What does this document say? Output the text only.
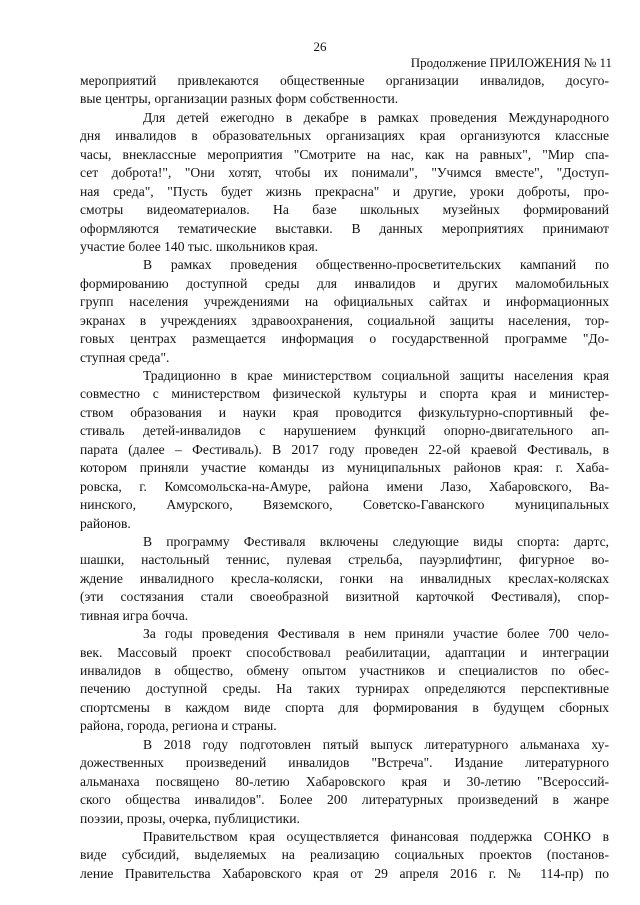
26
Продолжение ПРИЛОЖЕНИЯ № 11

мероприятий привлекаются общественные организации инвалидов, досуго-
вые центры, организации разных форм собственности.

Для детей ежегодно в декабре в рамках проведения Международного
дня инвалидов в образовательных организациях края организуются классные
часы, внеклассные мероприятия "Смотрите на нас, как на равных", "Мир спа-
сет доброта!", "Они хотят, чтобы их понимали", "Учимся вместе", "Доступ-
ная среда", "Пусть будет жизнь прекрасна" и другие, уроки доброты, про-
смотры видеоматериалов. На базе школьных музейных формирований
оформляются тематические выставки. В данных мероприятиях принимают
участие более 140 тыс. школьников края.

В рамках проведения общественно-просветительских кампаний по
формированию доступной среды для инвалидов и других маломобильных
групп населения учреждениями на официальных сайтах и информационных
экранах в учреждениях здравоохранения, социальной защиты населения, тор-
говых центрах размещается информация о государственной программе "До-
ступная среда".

Традиционно в крае министерством социальной защиты населения края
совместно с министерством физической культуры и спорта края и министер-
ством образования и науки края проводится физкультурно-спортивный фе-
стиваль детей-инвалидов с нарушением функций опорно-двигательного ап-
парата (далее – Фестиваль). В 2017 году проведен 22-ой краевой Фестиваль, в
котором приняли участие команды из муниципальных районов края: г. Хаба-
ровска, г. Комсомольска-на-Амуре, района имени Лазо, Хабаровского, Ва-
нинского, Амурского, Вяземского, Советско-Гаванского муниципальных
районов.

В программу Фестиваля включены следующие виды спорта: дартс,
шашки, настольный теннис, пулевая стрельба, пауэрлифтинг, фигурное во-
ждение инвалидного кресла-коляски, гонки на инвалидных креслах-колясках
(эти состязания стали своеобразной визитной карточкой Фестиваля), спор-
тивная игра бочча.

За годы проведения Фестиваля в нем приняли участие более 700 чело-
век. Массовый проект способствовал реабилитации, адаптации и интеграции
инвалидов в общество, обмену опытом участников и специалистов по обес-
печению доступной среды. На таких турнирах определяются перспективные
спортсмены в каждом виде спорта для формирования в будущем сборных
района, города, региона и страны.

В 2018 году подготовлен пятый выпуск литературного альманаха ху-
дожественных произведений инвалидов "Встреча". Издание литературного
альманаха посвящено 80-летию Хабаровского края и 30-летию "Всероссий-
ского общества инвалидов". Более 200 литературных произведений в жанре
поэзии, прозы, очерка, публицистики.

Правительством края осуществляется финансовая поддержка СОНКО в
виде субсидий, выделяемых на реализацию социальных проектов (постанов-
ление Правительства Хабаровского края от 29 апреля 2016 г. № 114-пр) по
